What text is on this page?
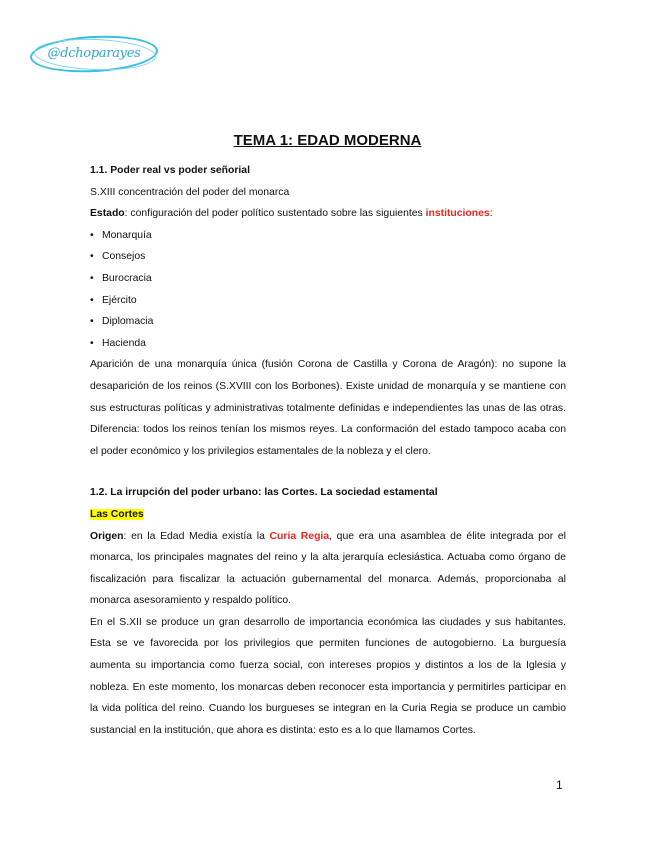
@dchoparayes
TEMA 1: EDAD MODERNA

1.1. Poder real vs poder señorial

S.XIII concentración del poder del monarca

Estado: configuración del poder político sustentado sobre las siguientes instituciones:

• Monarquía
• Consejos
• Burocracia
• Ejército
• Diplomacia
• Hacienda

Aparición de una monarquía única (fusión Corona de Castilla y Corona de Aragón): no supone la desaparición de los reinos (S.XVIII con los Borbones). Existe unidad de monarquía y se mantiene con sus estructuras políticas y administrativas totalmente definidas e independientes las unas de las otras. Diferencia: todos los reinos tenían los mismos reyes. La conformación del estado tampoco acaba con el poder económico y los privilegios estamentales de la nobleza y el clero.

1.2. La irrupción del poder urbano: las Cortes. La sociedad estamental

Las Cortes

Origen: en la Edad Media existía la Curia Regia, que era una asamblea de élite integrada por el monarca, los principales magnates del reino y la alta jerarquía eclesiástica. Actuaba como órgano de fiscalización para fiscalizar la actuación gubernamental del monarca. Además, proporcionaba al monarca asesoramiento y respaldo político.

En el S.XII se produce un gran desarrollo de importancia económica las ciudades y sus habitantes. Esta se ve favorecida por los privilegios que permiten funciones de autogobierno. La burguesía aumenta su importancia como fuerza social, con intereses propios y distintos a los de la Iglesia y nobleza. En este momento, los monarcas deben reconocer esta importancia y permitirles participar en la vida política del reino. Cuando los burgueses se integran en la Curia Regia se produce un cambio sustancial en la institución, que ahora es distinta: esto es a lo que llamamos Cortes.

1
